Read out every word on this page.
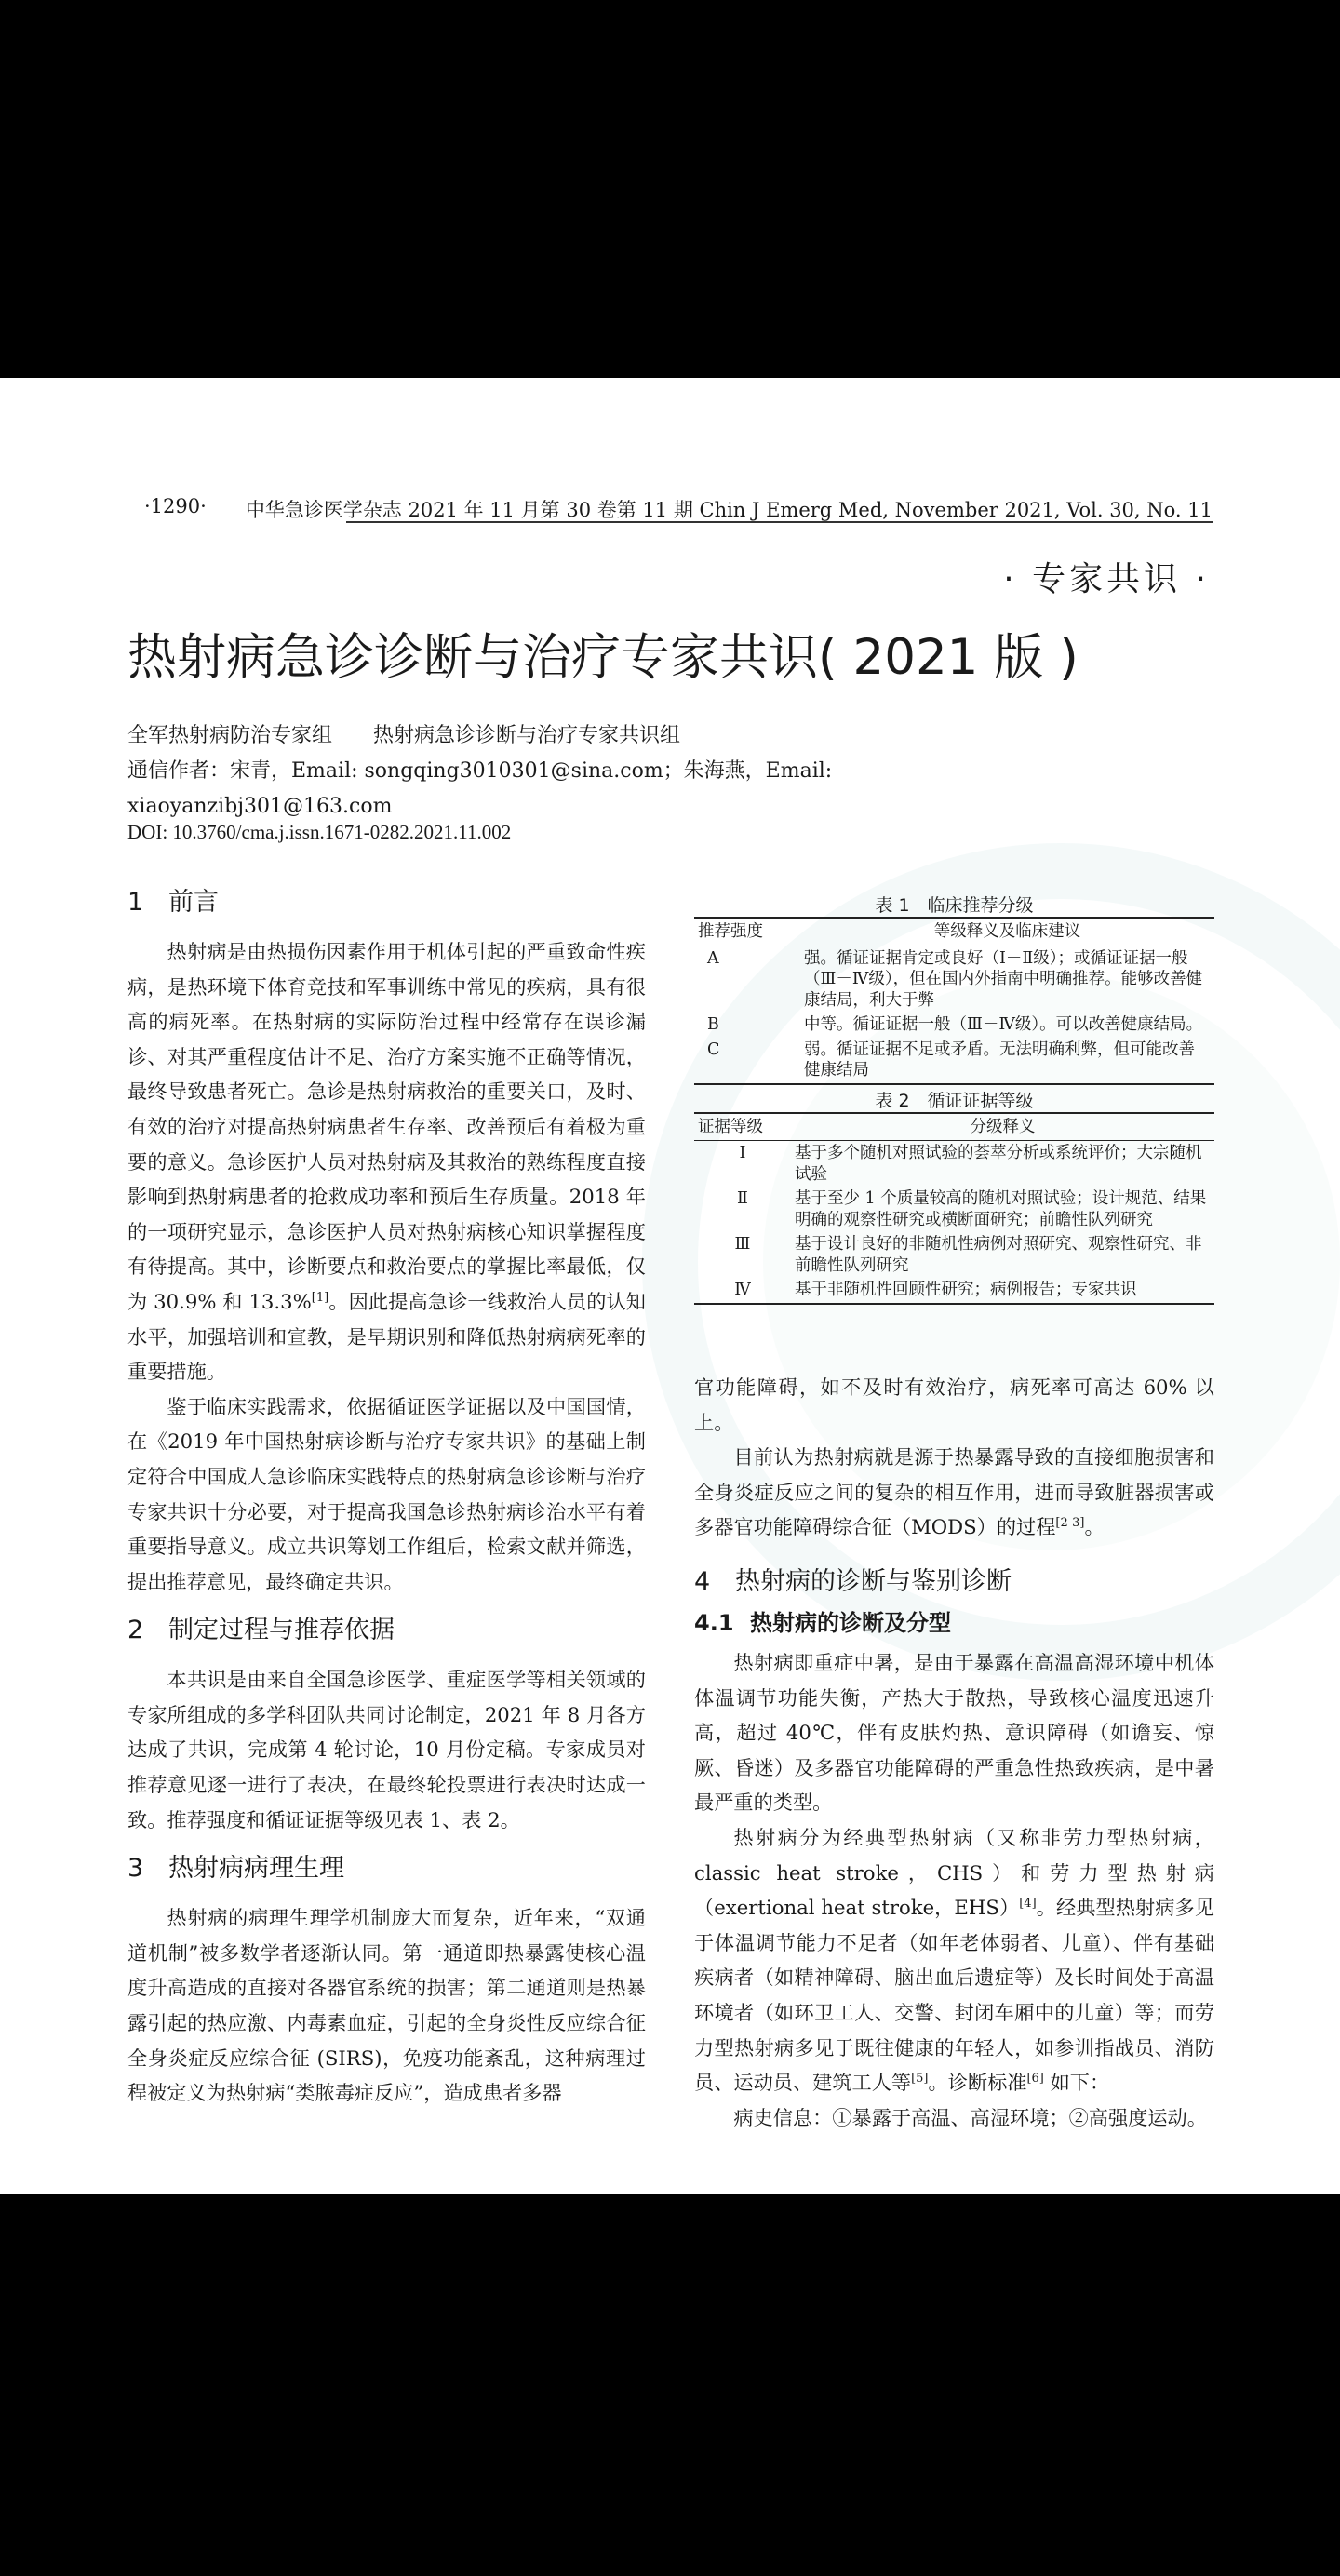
·1290· 中华急诊医学杂志 2021 年 11 月第 30 卷第 11 期 Chin J Emerg Med, November 2021, Vol. 30, No. 11
· 专家共识 ·
热射病急诊诊断与治疗专家共识( 2021 版 )
全军热射病防治专家组　　热射病急诊诊断与治疗专家共识组
通信作者：宋青，Email: songqing3010301@sina.com；朱海燕，Email:
xiaoyanzibj301@163.com
DOI: 10.3760/cma.j.issn.1671-0282.2021.11.002
1 前言

热射病是由热损伤因素作用于机体引起的严重致命性疾病，是热环境下体育竞技和军事训练中常见的疾病，具有很高的病死率。在热射病的实际防治过程中经常存在误诊漏诊、对其严重程度估计不足、治疗方案实施不正确等情况，最终导致患者死亡。急诊是热射病救治的重要关口，及时、有效的治疗对提高热射病患者生存率、改善预后有着极为重要的意义。急诊医护人员对热射病及其救治的熟练程度直接影响到热射病患者的抢救成功率和预后生存质量。2018 年的一项研究显示，急诊医护人员对热射病核心知识掌握程度有待提高。其中，诊断要点和救治要点的掌握比率最低，仅为 30.9% 和 13.3%[1]。因此提高急诊一线救治人员的认知水平，加强培训和宣教，是早期识别和降低热射病病死率的重要措施。

鉴于临床实践需求，依据循证医学证据以及中国国情，在《2019 年中国热射病诊断与治疗专家共识》的基础上制定符合中国成人急诊临床实践特点的热射病急诊诊断与治疗专家共识十分必要，对于提高我国急诊热射病诊治水平有着重要指导意义。成立共识筹划工作组后，检索文献并筛选，提出推荐意见，最终确定共识。

2 制定过程与推荐依据

本共识是由来自全国急诊医学、重症医学等相关领域的专家所组成的多学科团队共同讨论制定，2021 年 8 月各方达成了共识，完成第 4 轮讨论，10 月份定稿。专家成员对推荐意见逐一进行了表决，在最终轮投票进行表决时达成一致。推荐强度和循证证据等级见表 1、表 2。

3 热射病病理生理

热射病的病理生理学机制庞大而复杂，近年来，“双通道机制”被多数学者逐渐认同。第一通道即热暴露使核心温度升高造成的直接对各器官系统的损害；第二通道则是热暴露引起的热应激、内毒素血症，引起的全身炎性反应综合征全身炎症反应综合征 (SIRS)，免疫功能紊乱，这种病理过程被定义为热射病“类脓毒症反应”，造成患者多器

表 1　临床推荐分级
推荐强度	等级释义及临床建议
A	强。循证证据肯定或良好（Ⅰ－Ⅱ级）；或循证证据一般（Ⅲ－Ⅳ级），但在国内外指南中明确推荐。能够改善健康结局，利大于弊
B	中等。循证证据一般（Ⅲ－Ⅳ级）。可以改善健康结局。
C	弱。循证证据不足或矛盾。无法明确利弊，但可能改善健康结局
表 2　循证证据等级
证据等级	分级释义
Ⅰ	基于多个随机对照试验的荟萃分析或系统评价；大宗随机试验
Ⅱ	基于至少 1 个质量较高的随机对照试验；设计规范、结果明确的观察性研究或横断面研究；前瞻性队列研究
Ⅲ	基于设计良好的非随机性病例对照研究、观察性研究、非前瞻性队列研究
Ⅳ	基于非随机性回顾性研究；病例报告；专家共识

官功能障碍，如不及时有效治疗，病死率可高达 60% 以上。

目前认为热射病就是源于热暴露导致的直接细胞损害和全身炎症反应之间的复杂的相互作用，进而导致脏器损害或多器官功能障碍综合征（MODS）的过程[2-3]。

4 热射病的诊断与鉴别诊断
4.1 热射病的诊断及分型

热射病即重症中暑，是由于暴露在高温高湿环境中机体体温调节功能失衡，产热大于散热，导致核心温度迅速升高，超过 40℃，伴有皮肤灼热、意识障碍（如谵妄、惊厥、昏迷）及多器官功能障碍的严重急性热致疾病，是中暑最严重的类型。

热射病分为经典型热射病（又称非劳力型热射病，classic heat stroke，CHS）和劳力型热射病（exertional heat stroke，EHS）[4]。经典型热射病多见于体温调节能力不足者（如年老体弱者、儿童）、伴有基础疾病者（如精神障碍、脑出血后遗症等）及长时间处于高温环境者（如环卫工人、交警、封闭车厢中的儿童）等；而劳力型热射病多见于既往健康的年轻人，如参训指战员、消防员、运动员、建筑工人等[5]。诊断标准[6] 如下：

病史信息：①暴露于高温、高湿环境；②高强度运动。
